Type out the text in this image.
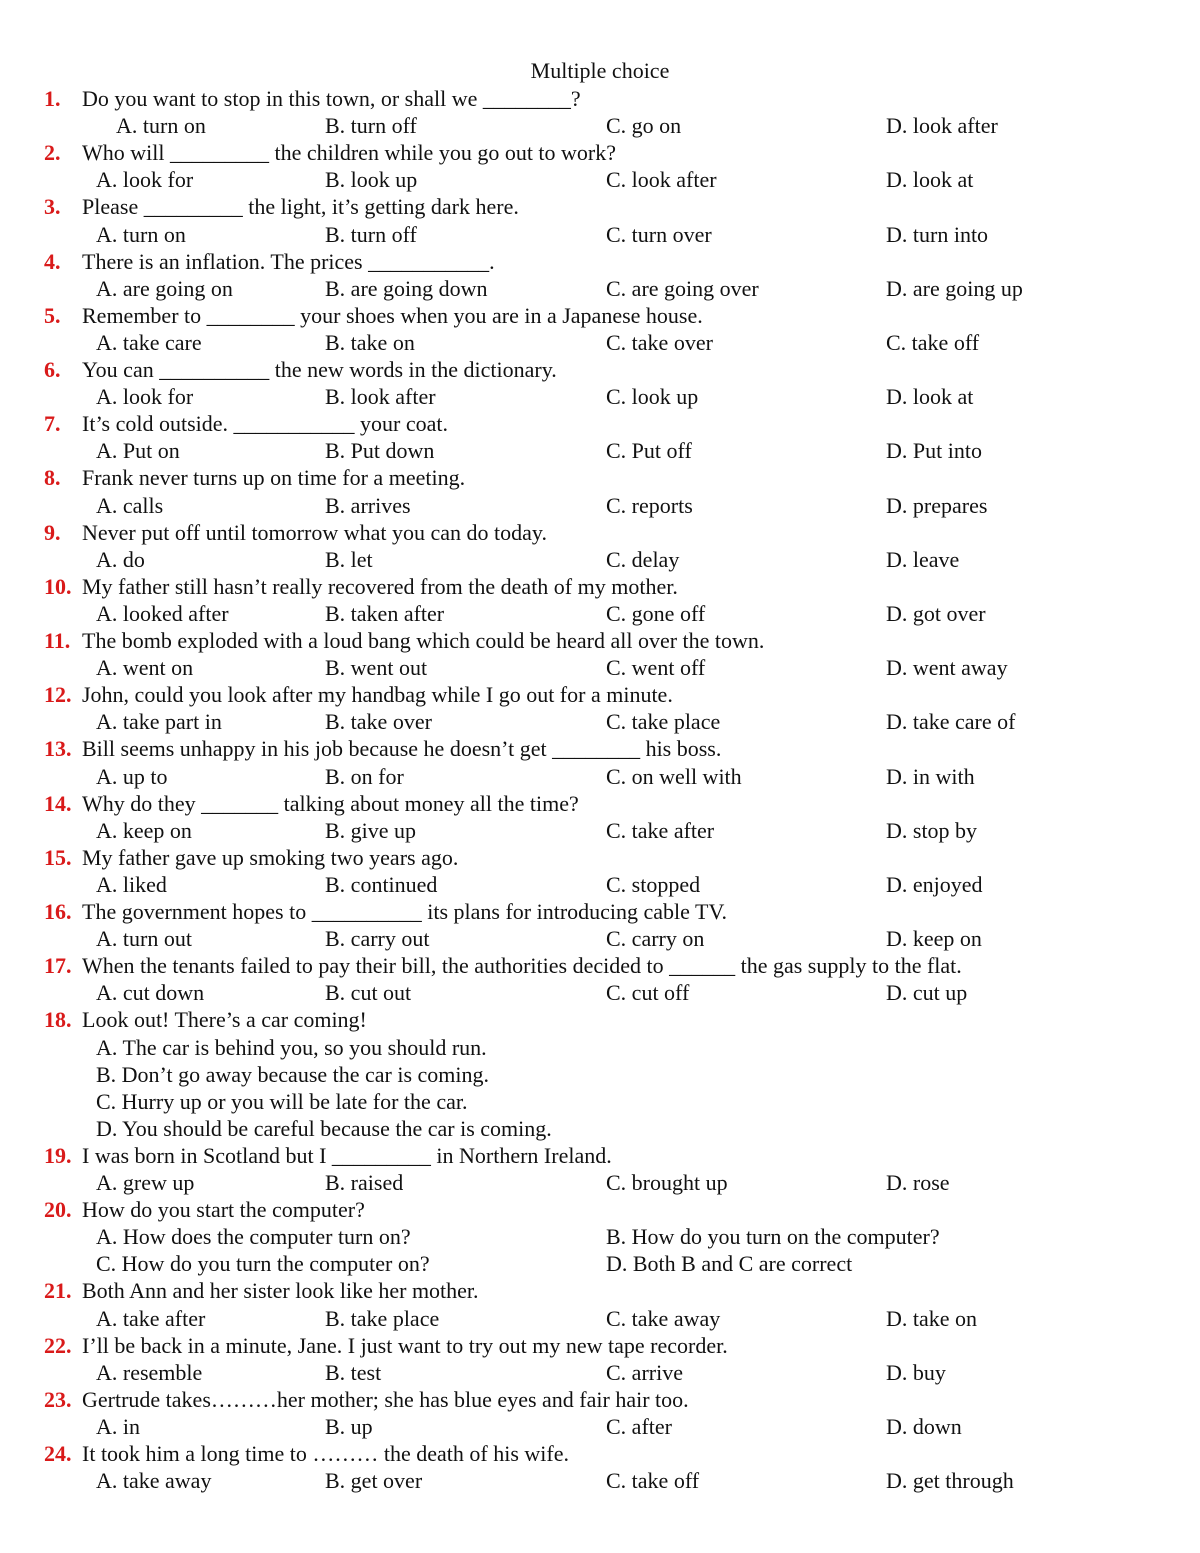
Multiple choice
1. Do you want to stop in this town, or shall we ________?
A. turn on	B. turn off	C. go on	D. look after
2. Who will _________ the children while you go out to work?
A. look for	B. look up	C. look after	D. look at
3. Please _________ the light, it’s getting dark here.
A. turn on	B. turn off	C. turn over	D. turn into
4. There is an inflation. The prices ___________.
A. are going on	B. are going down	C. are going over	D. are going up
5. Remember to ________ your shoes when you are in a Japanese house.
A. take care	B. take on	C. take over	C. take off
6. You can __________ the new words in the dictionary.
A. look for	B. look after	C. look up	D. look at
7. It’s cold outside. ___________ your coat.
A. Put on	B. Put down	C. Put off	D. Put into
8. Frank never turns up on time for a meeting.
A. calls	B. arrives	C. reports	D. prepares
9. Never put off until tomorrow what you can do today.
A. do	B. let	C. delay	D. leave
10. My father still hasn’t really recovered from the death of my mother.
A. looked after	B. taken after	C. gone off	D. got over
11. The bomb exploded with a loud bang which could be heard all over the town.
A. went on	B. went out	C. went off	D. went away
12. John, could you look after my handbag while I go out for a minute.
A. take part in	B. take over	C. take place	D. take care of
13. Bill seems unhappy in his job because he doesn’t get ________ his boss.
A. up to	B. on for	C. on well with	D. in with
14. Why do they _______ talking about money all the time?
A. keep on	B. give up	C. take after	D. stop by
15. My father gave up smoking two years ago.
A. liked	B. continued	C. stopped	D. enjoyed
16. The government hopes to __________ its plans for introducing cable TV.
A. turn out	B. carry out	C. carry on	D. keep on
17. When the tenants failed to pay their bill, the authorities decided to ______ the gas supply to the flat.
A. cut down	B. cut out	C. cut off	D. cut up
18. Look out! There’s a car coming!
A. The car is behind you, so you should run.
B. Don’t go away because the car is coming.
C. Hurry up or you will be late for the car.
D. You should be careful because the car is coming.
19. I was born in Scotland but I _________ in Northern Ireland.
A. grew up	B. raised	C. brought up	D. rose
20. How do you start the computer?
A. How does the computer turn on?	B. How do you turn on the computer?
C. How do you turn the computer on?	D. Both B and C are correct
21. Both Ann and her sister look like her mother.
A. take after	B. take place	C. take away	D. take on
22. I’ll be back in a minute, Jane. I just want to try out my new tape recorder.
A. resemble	B. test	C. arrive	D. buy
23. Gertrude takes………her mother; she has blue eyes and fair hair too.
A. in	B. up	C. after	D. down
24. It took him a long time to ……… the death of his wife.
A. take away	B. get over	C. take off	D. get through
